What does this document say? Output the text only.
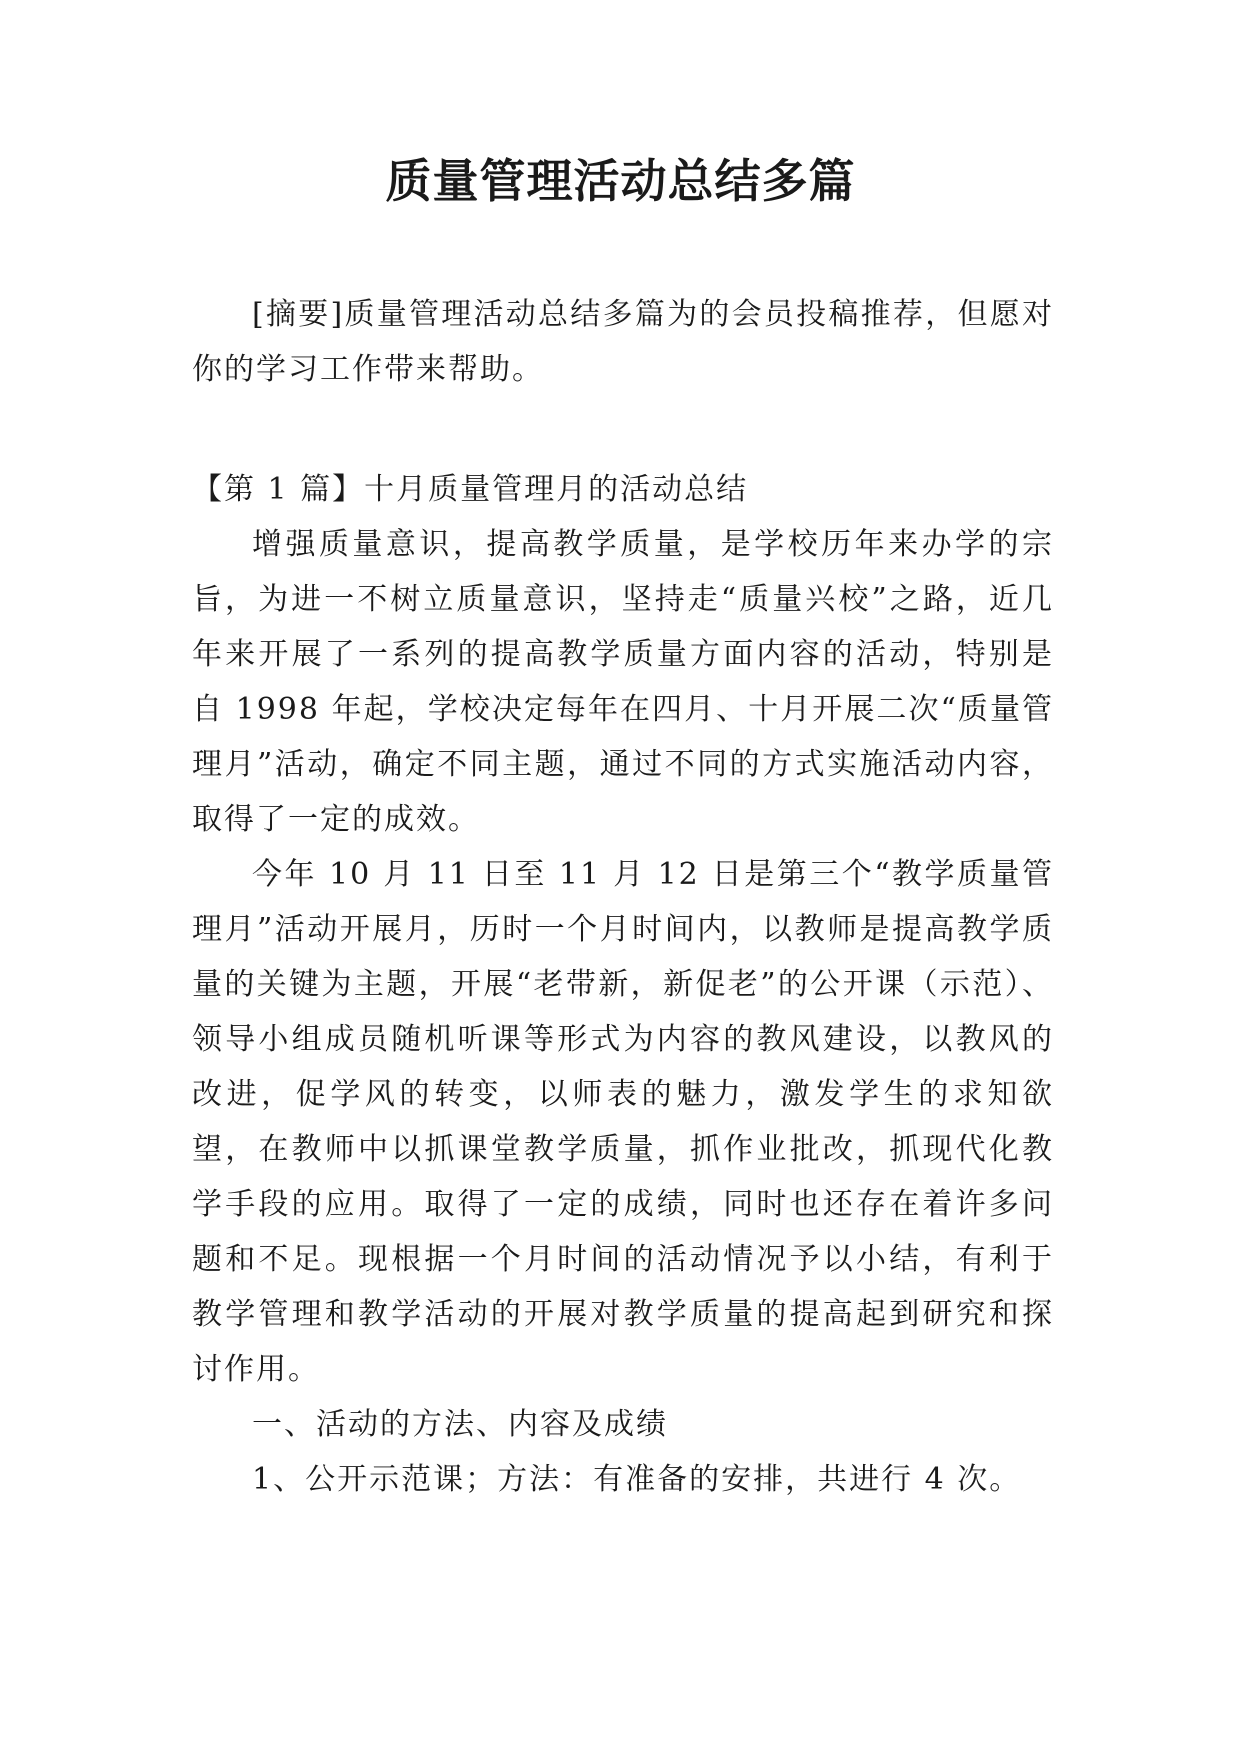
质量管理活动总结多篇

[摘要]质量管理活动总结多篇为的会员投稿推荐，但愿对你的学习工作带来帮助。

【第 1 篇】十月质量管理月的活动总结

增强质量意识，提高教学质量，是学校历年来办学的宗旨，为进一不树立质量意识，坚持走“质量兴校”之路，近几年来开展了一系列的提高教学质量方面内容的活动，特别是自 1998 年起，学校决定每年在四月、十月开展二次“质量管理月”活动，确定不同主题，通过不同的方式实施活动内容，取得了一定的成效。

今年 10 月 11 日至 11 月 12 日是第三个“教学质量管理月”活动开展月，历时一个月时间内，以教师是提高教学质量的关键为主题，开展“老带新，新促老”的公开课（示范）、领导小组成员随机听课等形式为内容的教风建设，以教风的改进，促学风的转变，以师表的魅力，激发学生的求知欲望，在教师中以抓课堂教学质量，抓作业批改，抓现代化教学手段的应用。取得了一定的成绩，同时也还存在着许多问题和不足。现根据一个月时间的活动情况予以小结，有利于教学管理和教学活动的开展对教学质量的提高起到研究和探讨作用。

一、活动的方法、内容及成绩

1、公开示范课；方法：有准备的安排，共进行 4 次。
